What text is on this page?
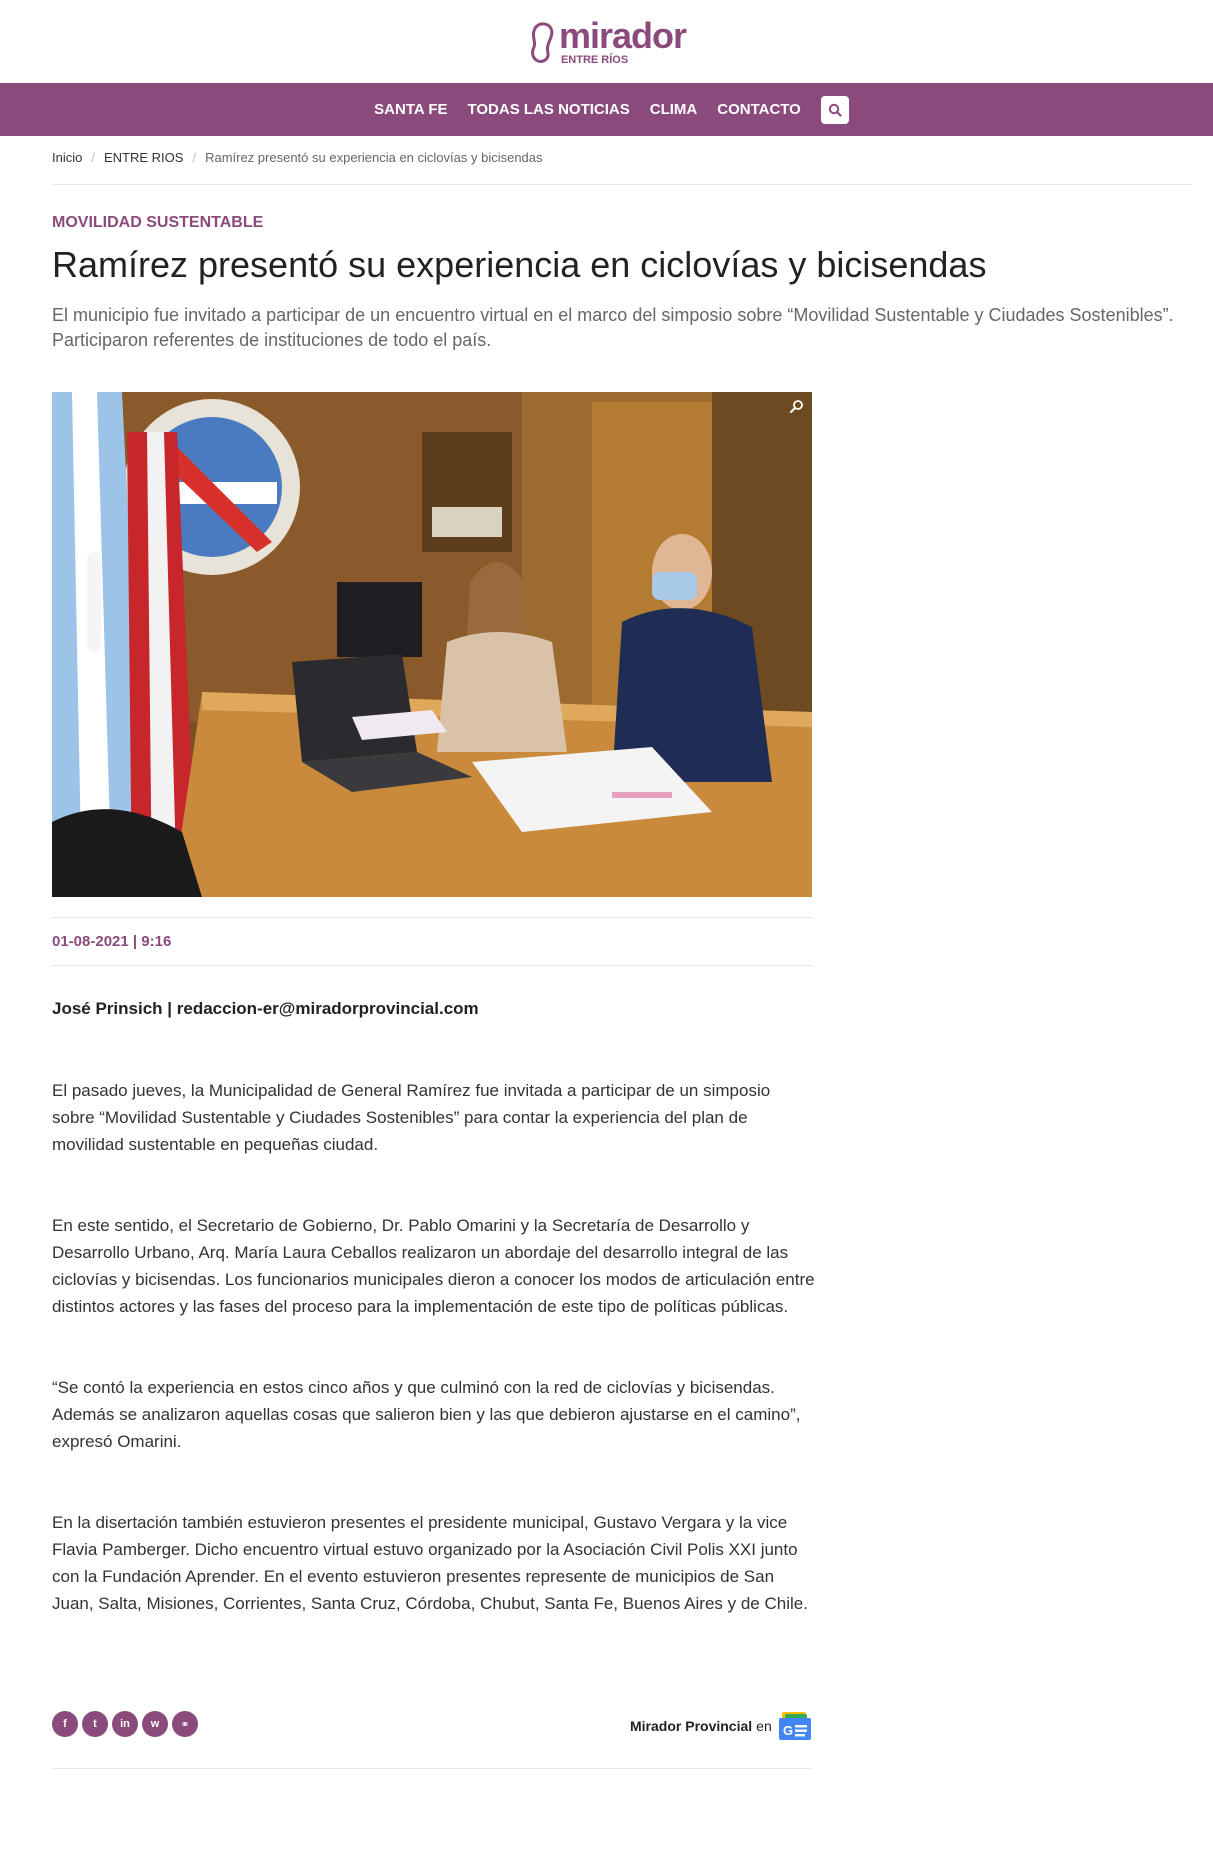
mirador
ENTRE RÍOS
SANTA FE TODAS LAS NOTICIAS CLIMA CONTACTO
Inicio / ENTRE RIOS / Ramírez presentó su experiencia en ciclovías y bicisendas
MOVILIDAD SUSTENTABLE
Ramírez presentó su experiencia en ciclovías y bicisendas

El municipio fue invitado a participar de un encuentro virtual en el marco del simposio sobre “Movilidad Sustentable y Ciudades Sostenibles”. Participaron referentes de instituciones de todo el país.

01-08-2021 | 9:16
José Prinsich | redaccion-er@miradorprovincial.com

El pasado jueves, la Municipalidad de General Ramírez fue invitada a participar de un simposio sobre “Movilidad Sustentable y Ciudades Sostenibles” para contar la experiencia del plan de movilidad sustentable en pequeñas ciudad.

En este sentido, el Secretario de Gobierno, Dr. Pablo Omarini y la Secretaría de Desarrollo y Desarrollo Urbano, Arq. María Laura Ceballos realizaron un abordaje del desarrollo integral de las ciclovías y bicisendas. Los funcionarios municipales dieron a conocer los modos de articulación entre distintos actores y las fases del proceso para la implementación de este tipo de políticas públicas.

“Se contó la experiencia en estos cinco años y que culminó con la red de ciclovías y bicisendas. Además se analizaron aquellas cosas que salieron bien y las que debieron ajustarse en el camino”, expresó Omarini.

En la disertación también estuvieron presentes el presidente municipal, Gustavo Vergara y la vice Flavia Pamberger. Dicho encuentro virtual estuvo organizado por la Asociación Civil Polis XXI junto con la Fundación Aprender. En el evento estuvieron presentes represente de municipios de San Juan, Salta, Misiones, Corrientes, Santa Cruz, Córdoba, Chubut, Santa Fe, Buenos Aires y de Chile.

f	t	in	w	⚭	Mirador Provincial en G
